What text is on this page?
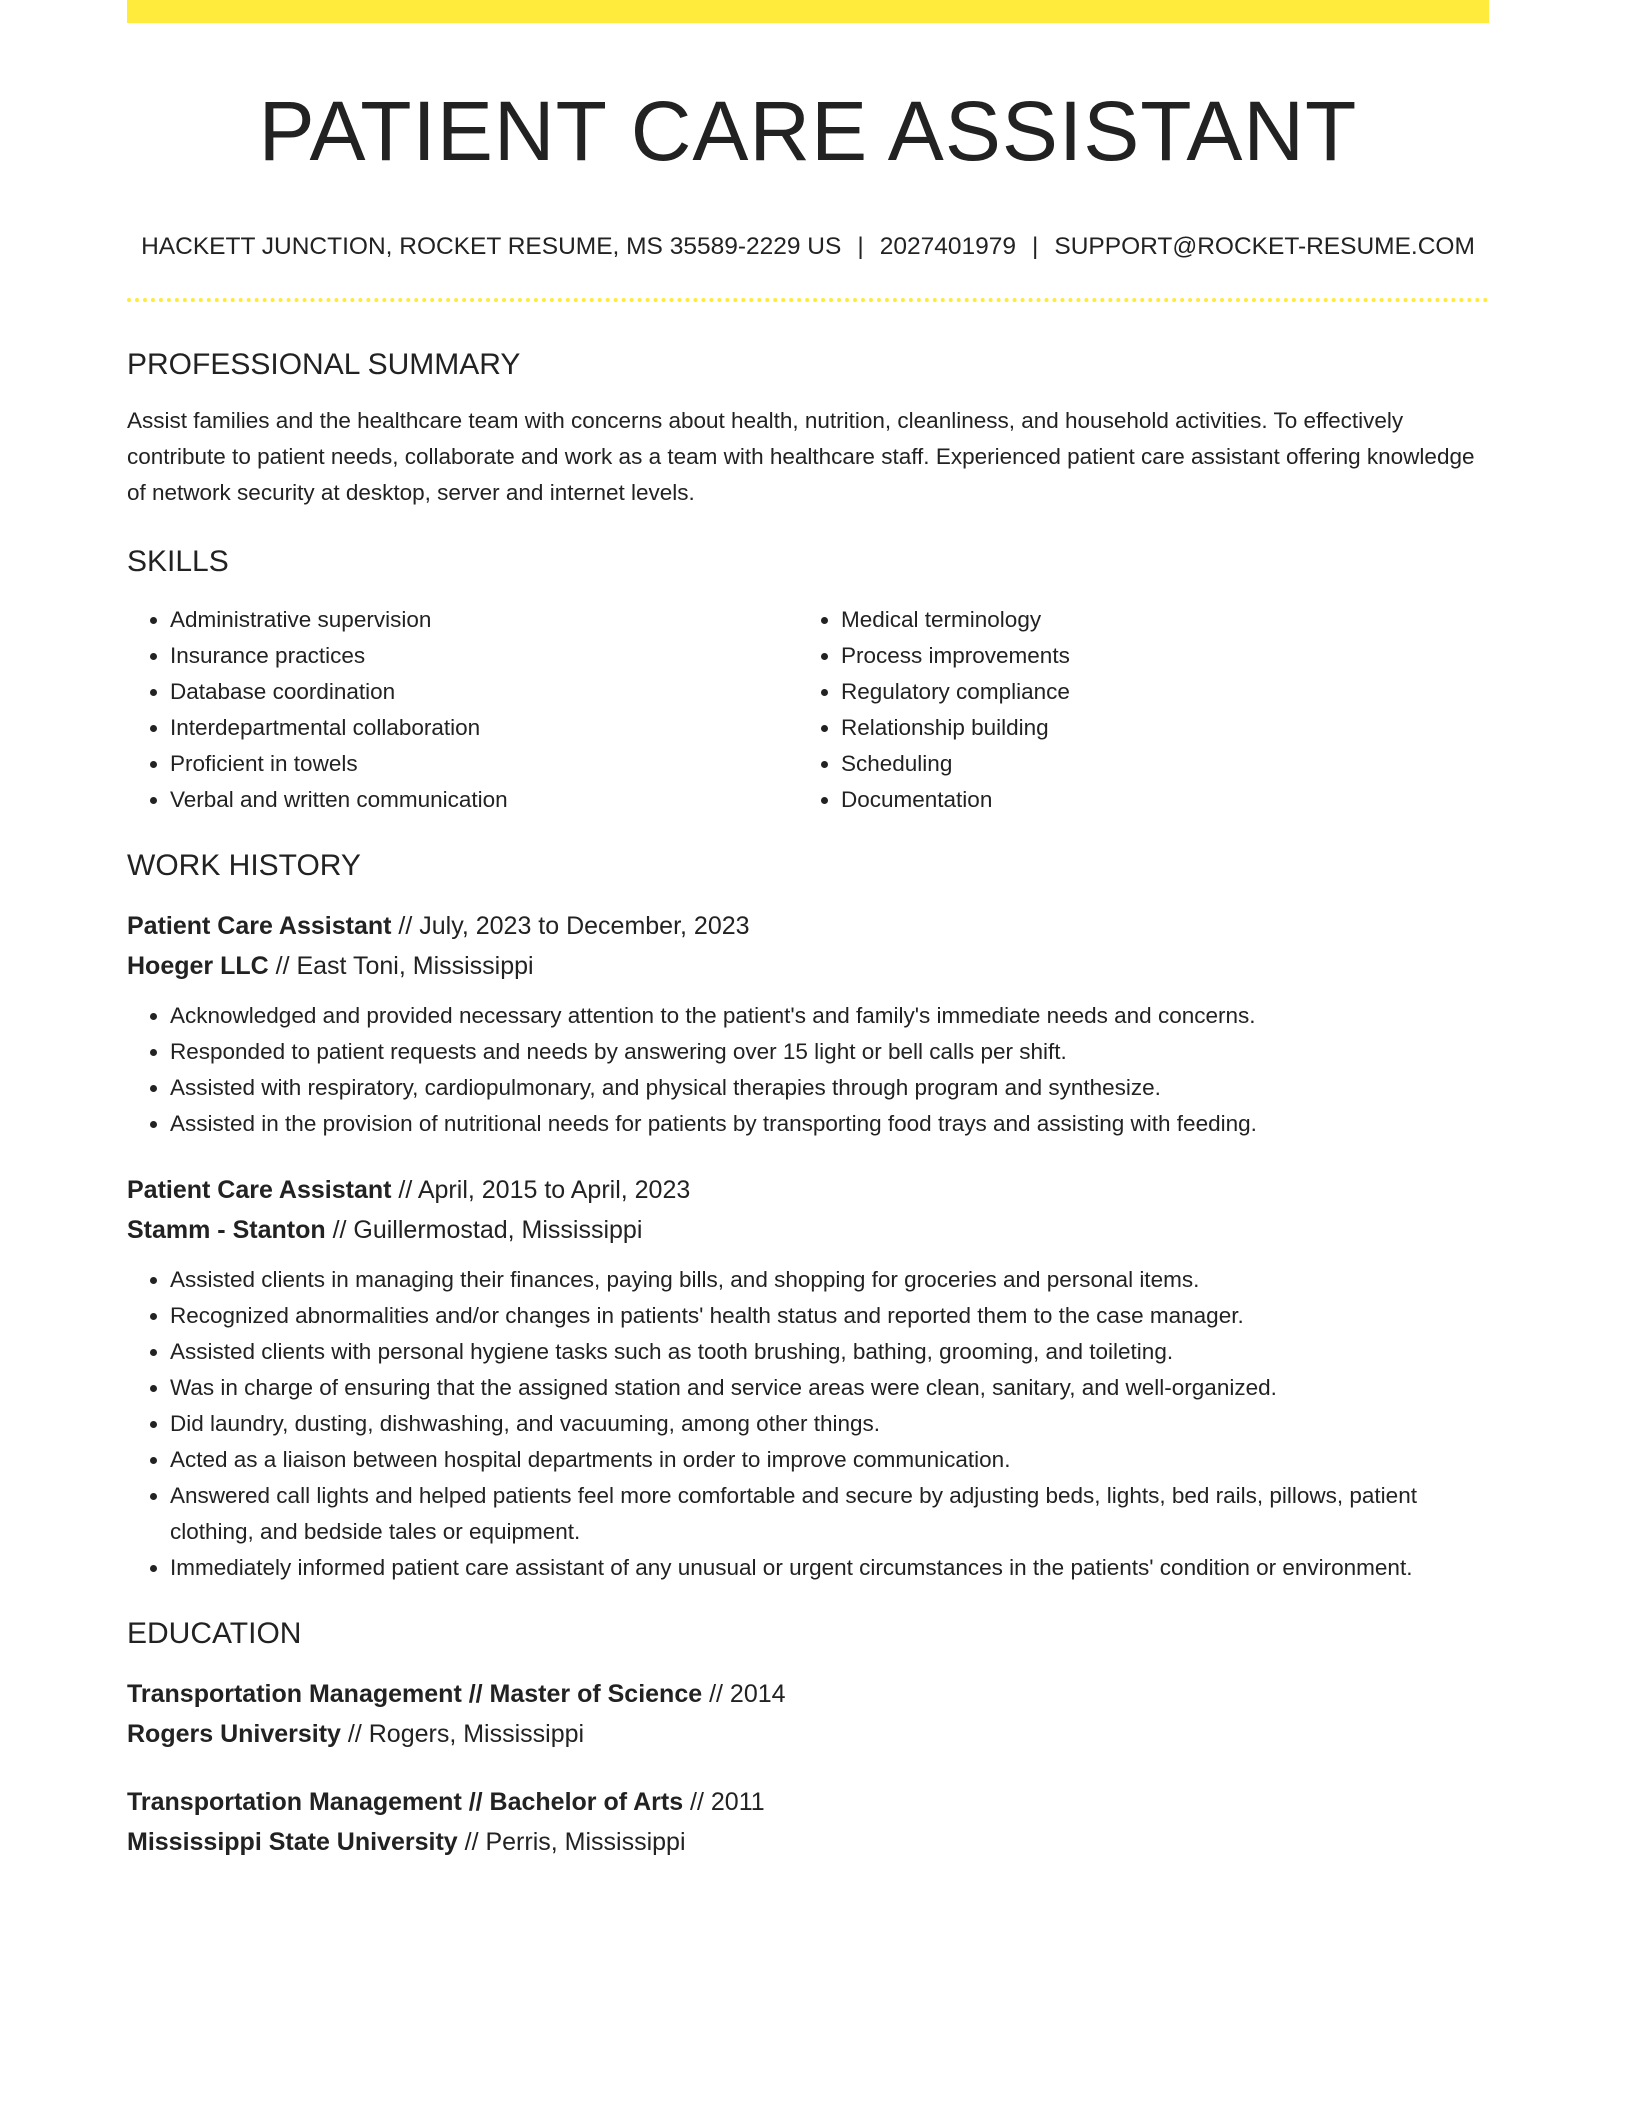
PATIENT CARE ASSISTANT
HACKETT JUNCTION, ROCKET RESUME, MS 35589-2229 US | 2027401979 | SUPPORT@ROCKET-RESUME.COM
PROFESSIONAL SUMMARY

Assist families and the healthcare team with concerns about health, nutrition, cleanliness, and household activities. To effectively contribute to patient needs, collaborate and work as a team with healthcare staff. Experienced patient care assistant offering knowledge of network security at desktop, server and internet levels.

SKILLS
• Administrative supervision
• Insurance practices
• Database coordination
• Interdepartmental collaboration
• Proficient in towels
• Verbal and written communication
• Medical terminology
• Process improvements
• Regulatory compliance
• Relationship building
• Scheduling
• Documentation
WORK HISTORY
Patient Care Assistant // July, 2023 to December, 2023
Hoeger LLC // East Toni, Mississippi
• Acknowledged and provided necessary attention to the patient's and family's immediate needs and concerns.
• Responded to patient requests and needs by answering over 15 light or bell calls per shift.
• Assisted with respiratory, cardiopulmonary, and physical therapies through program and synthesize.
• Assisted in the provision of nutritional needs for patients by transporting food trays and assisting with feeding.
Patient Care Assistant // April, 2015 to April, 2023
Stamm - Stanton // Guillermostad, Mississippi
• Assisted clients in managing their finances, paying bills, and shopping for groceries and personal items.
• Recognized abnormalities and/or changes in patients' health status and reported them to the case manager.
• Assisted clients with personal hygiene tasks such as tooth brushing, bathing, grooming, and toileting.
• Was in charge of ensuring that the assigned station and service areas were clean, sanitary, and well-organized.
• Did laundry, dusting, dishwashing, and vacuuming, among other things.
• Acted as a liaison between hospital departments in order to improve communication.
• Answered call lights and helped patients feel more comfortable and secure by adjusting beds, lights, bed rails, pillows, patient clothing, and bedside tales or equipment.
• Immediately informed patient care assistant of any unusual or urgent circumstances in the patients' condition or environment.
EDUCATION
Transportation Management // Master of Science // 2014
Rogers University // Rogers, Mississippi
Transportation Management // Bachelor of Arts // 2011
Mississippi State University // Perris, Mississippi
